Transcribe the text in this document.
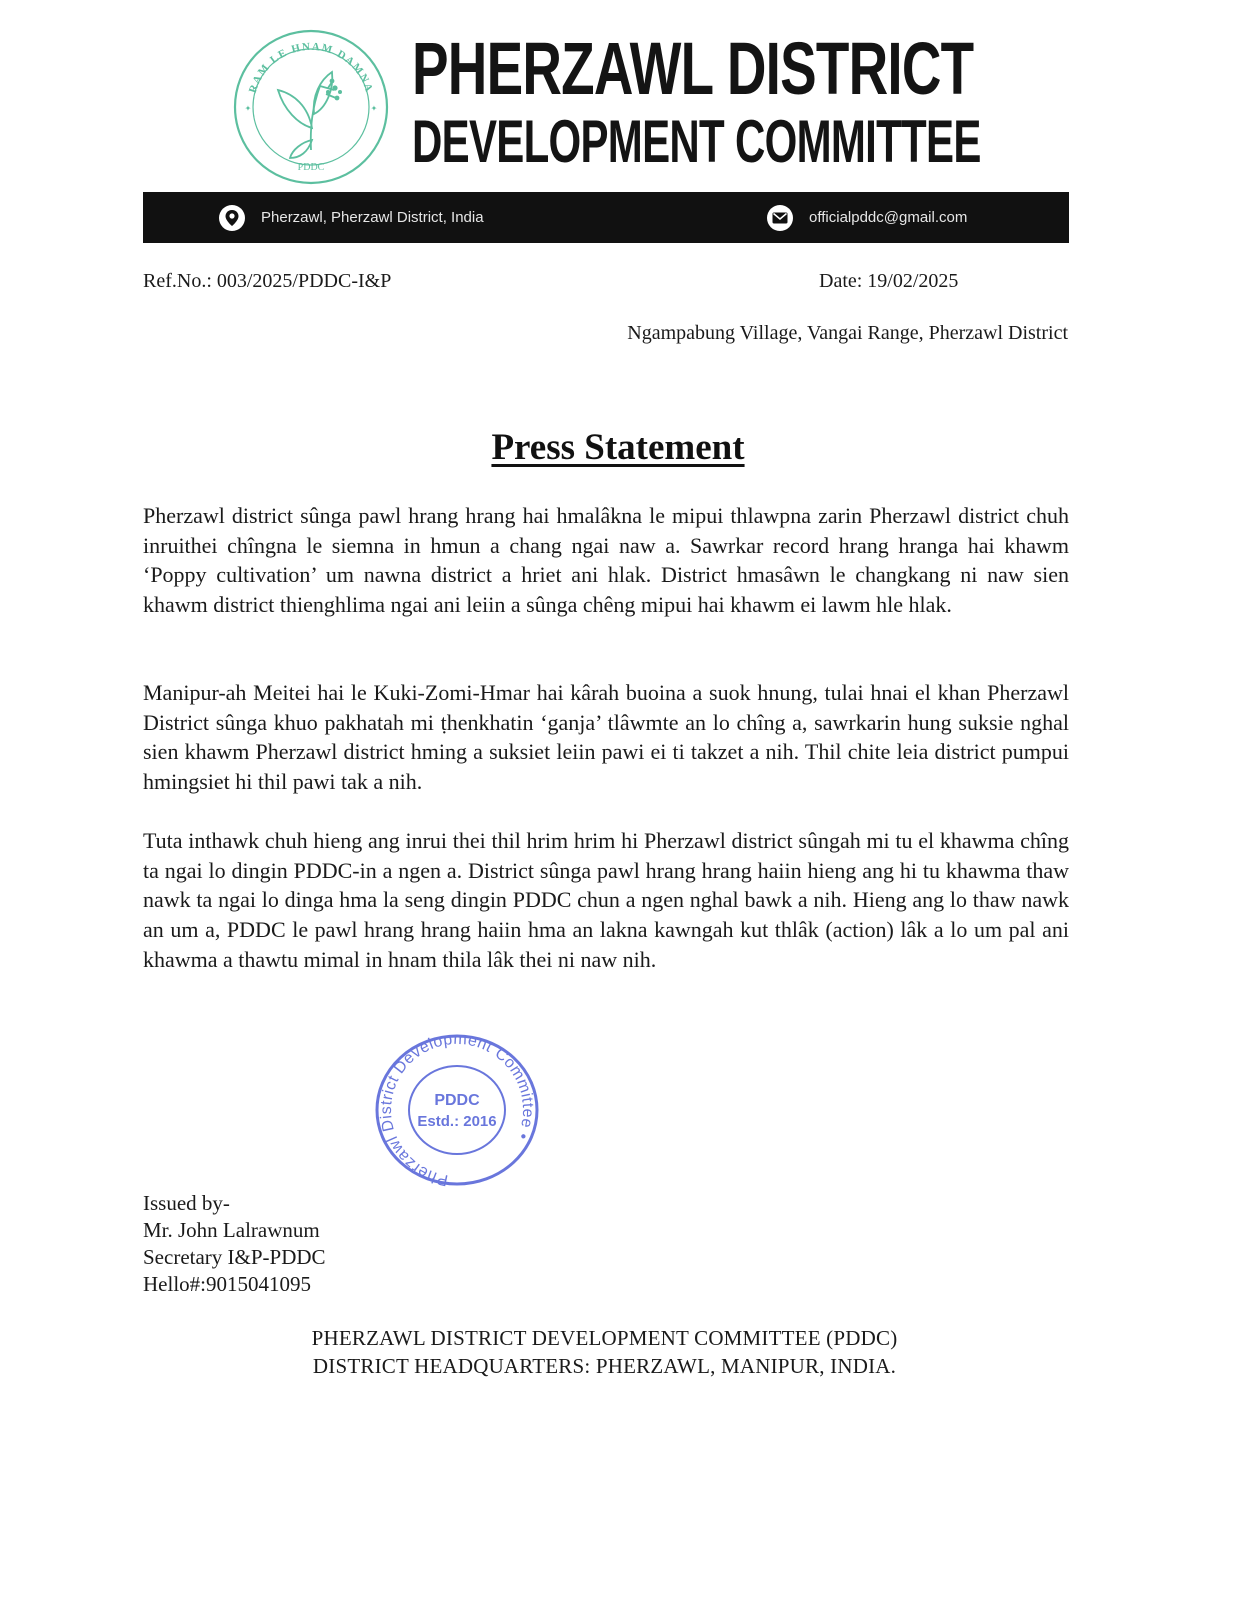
RAM LE HNAM DAMNA
PDDC
✦	✦ PHERZAWL DISTRICT
DEVELOPMENT COMMITTEE
Pherzawl, Pherzawl District, India	officialpddc@gmail.com
Ref.No.: 003/2025/PDDC-I&P	Date: 19/02/2025
Ngampabung Village, Vangai Range, Pherzawl District
Press Statement

Pherzawl district sûnga pawl hrang hrang hai hmalâkna le mipui thlawpna zarin Pherzawl district chuh inruithei chîngna le siemna in hmun a chang ngai naw a. Sawrkar record hrang hranga hai khawm ‘Poppy cultivation’ um nawna district a hriet ani hlak. District hmasâwn le changkang ni naw sien khawm district thienghlima ngai ani leiin a sûnga chêng mipui hai khawm ei lawm hle hlak.

Manipur-ah Meitei hai le Kuki-Zomi-Hmar hai kârah buoina a suok hnung, tulai hnai el khan Pherzawl District sûnga khuo pakhatah mi ṭhenkhatin ‘ganja’ tlâwmte an lo chîng a, sawrkarin hung suksie nghal sien khawm Pherzawl district hming a suksiet leiin pawi ei ti takzet a nih. Thil chite leia district pumpui hmingsiet hi thil pawi tak a nih.

Tuta inthawk chuh hieng ang inrui thei thil hrim hrim hi Pherzawl district sûngah mi tu el khawma chîng ta ngai lo dingin PDDC-in a ngen a. District sûnga pawl hrang hrang haiin hieng ang hi tu khawma thaw nawk ta ngai lo dinga hma la seng dingin PDDC chun a ngen nghal bawk a nih. Hieng ang lo thaw nawk an um a, PDDC le pawl hrang hrang haiin hma an lakna kawngah kut thlâk (action) lâk a lo um pal ani khawma a thawtu mimal in hnam thila lâk thei ni naw nih.

Pherzawl District Development Committee •
PDDC
Estd.: 2016
Issued by-
Mr. John Lalrawnum
Secretary I&P-PDDC
Hello#:9015041095
PHERZAWL DISTRICT DEVELOPMENT COMMITTEE (PDDC)
DISTRICT HEADQUARTERS: PHERZAWL, MANIPUR, INDIA.
